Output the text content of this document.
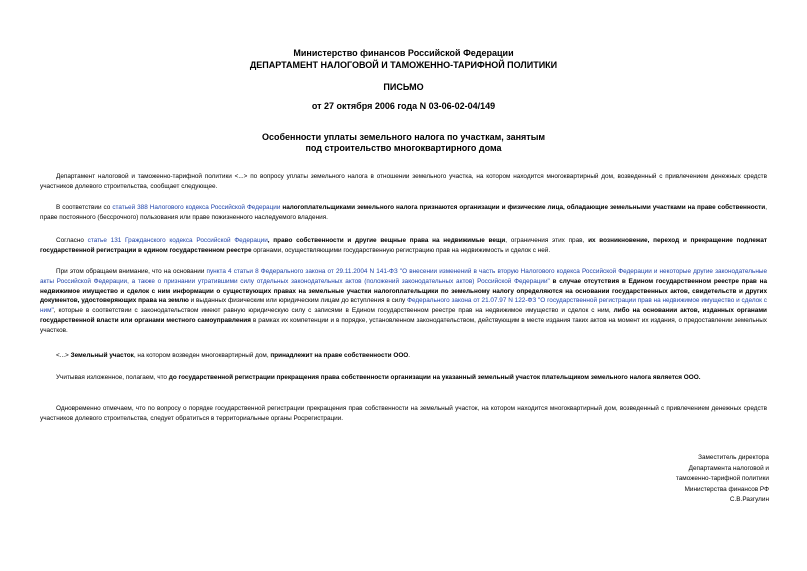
Министерство финансов Российской Федерации
ДЕПАРТАМЕНТ НАЛОГОВОЙ И ТАМОЖЕННО-ТАРИФНОЙ ПОЛИТИКИ
ПИСЬМО
от 27 октября 2006 года N 03-06-02-04/149
Особенности уплаты земельного налога по участкам, занятым
под строительство многоквартирного дома

Департамент налоговой и таможенно-тарифной политики <...> по вопросу уплаты земельного налога в отношении земельного участка, на котором находится многоквартирный дом, возведенный с привлечением денежных средств участников долевого строительства, сообщает следующее.

В соответствии со статьей 388 Налогового кодекса Российской Федерации налогоплательщиками земельного налога признаются организации и физические лица, обладающие земельными участками на праве собственности, праве постоянного (бессрочного) пользования или праве пожизненного наследуемого владения.

Согласно статье 131 Гражданского кодекса Российской Федерации, право собственности и другие вещные права на недвижимые вещи, ограничения этих прав, их возникновение, переход и прекращение подлежат государственной регистрации в едином государственном реестре органами, осуществляющими государственную регистрацию прав на недвижимость и сделок с ней.

При этом обращаем внимание, что на основании пункта 4 статьи 8 Федерального закона от 29.11.2004 N 141-ФЗ "О внесении изменений в часть вторую Налогового кодекса Российской Федерации и некоторые другие законодательные акты Российской Федерации, а также о признании утратившими силу отдельных законодательных актов (положений законодательных актов) Российской Федерации" в случае отсутствия в Едином государственном реестре прав на недвижимое имущество и сделок с ним информации о существующих правах на земельные участки налогоплательщики по земельному налогу определяются на основании государственных актов, свидетельств и других документов, удостоверяющих права на землю и выданных физическим или юридическим лицам до вступления в силу Федерального закона от 21.07.97 N 122-ФЗ "О государственной регистрации прав на недвижимое имущество и сделок с ним", которые в соответствии с законодательством имеют равную юридическую силу с записями в Едином государственном реестре прав на недвижимое имущество и сделок с ним, либо на основании актов, изданных органами государственной власти или органами местного самоуправления в рамках их компетенции и в порядке, установленном законодательством, действующим в месте издания таких актов на момент их издания, о предоставлении земельных участков.

<...> Земельный участок, на котором возведен многоквартирный дом, принадлежит на праве собственности ООО.

Учитывая изложенное, полагаем, что до государственной регистрации прекращения права собственности организации на указанный земельный участок плательщиком земельного налога является ООО.

Одновременно отмечаем, что по вопросу о порядке государственной регистрации прекращения прав собственности на земельный участок, на котором находится многоквартирный дом, возведенный с привлечением денежных средств участников долевого строительства, следует обратиться в территориальные органы Росрегистрации.

Заместитель директора
Департамента налоговой и
таможенно-тарифной политики
Министерства финансов РФ
С.В.Разгулин
